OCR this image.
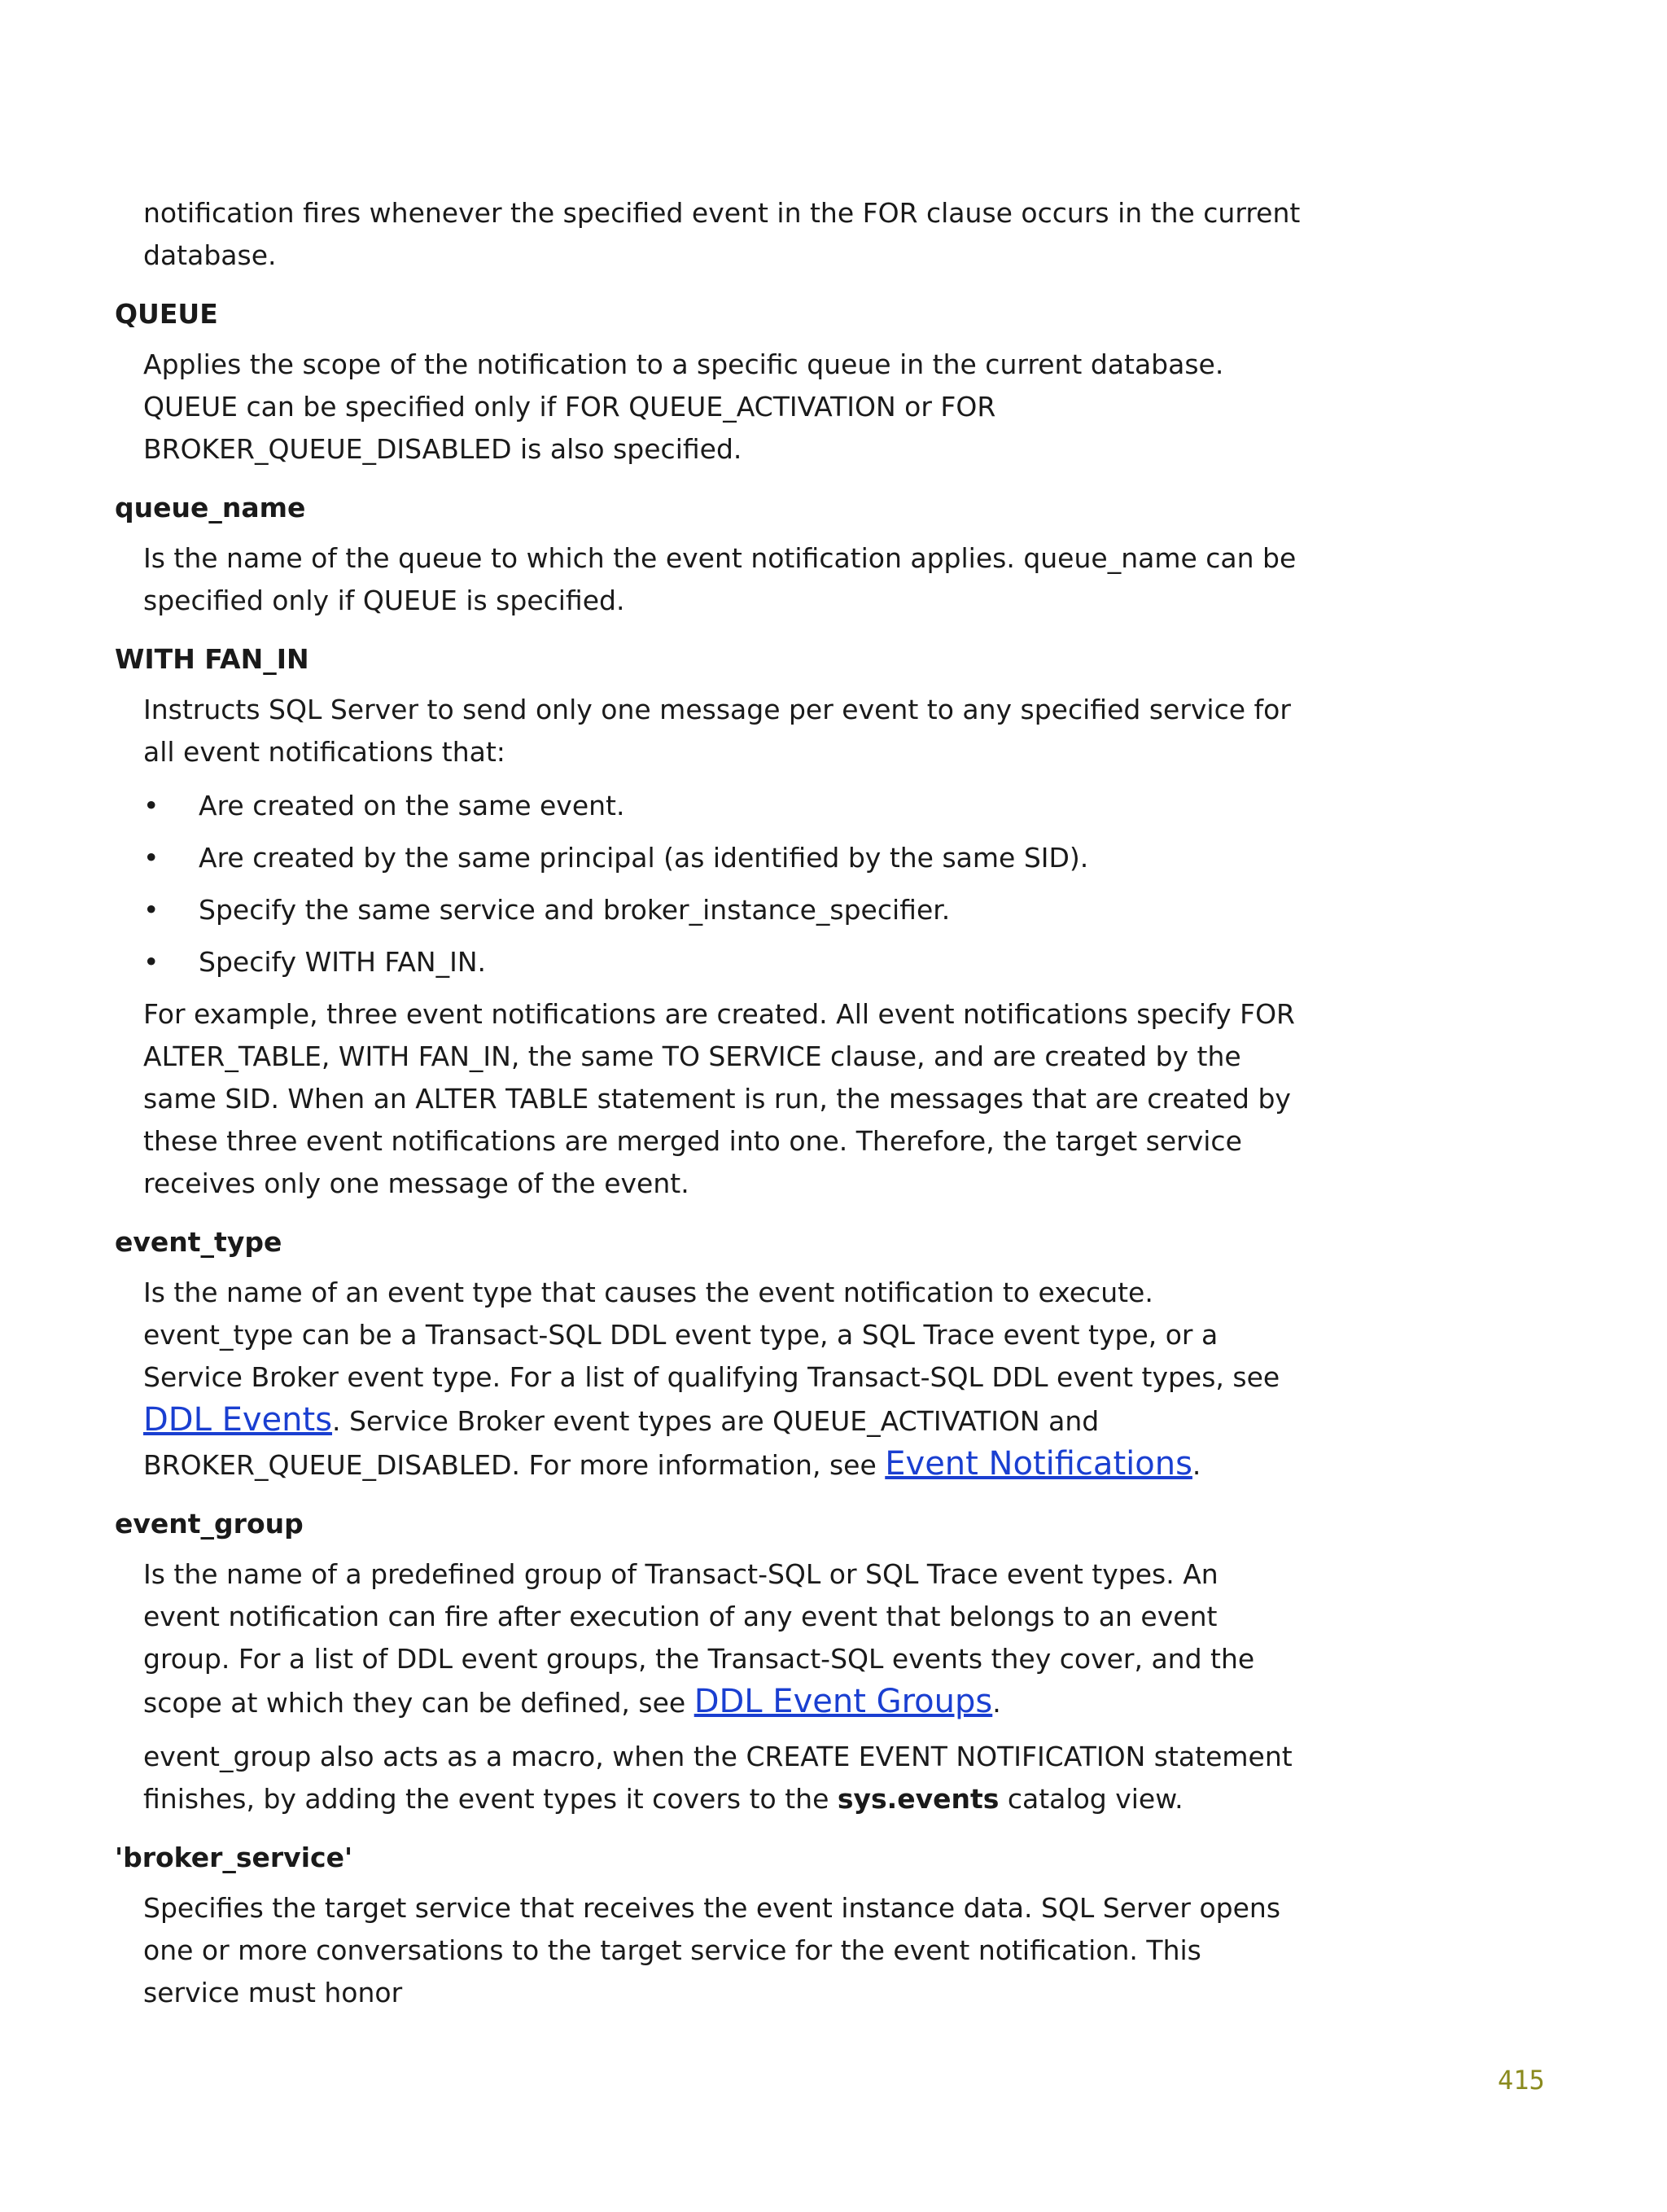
notification fires whenever the specified event in the FOR clause occurs in the current database.

QUEUE

Applies the scope of the notification to a specific queue in the current database. QUEUE can be specified only if FOR QUEUE_ACTIVATION or FOR BROKER_QUEUE_DISABLED is also specified.

queue_name

Is the name of the queue to which the event notification applies. queue_name can be specified only if QUEUE is specified.

WITH FAN_IN

Instructs SQL Server to send only one message per event to any specified service for all event notifications that:

• Are created on the same event.
• Are created by the same principal (as identified by the same SID).
• Specify the same service and broker_instance_specifier.
• Specify WITH FAN_IN.

For example, three event notifications are created. All event notifications specify FOR ALTER_TABLE, WITH FAN_IN, the same TO SERVICE clause, and are created by the same SID. When an ALTER TABLE statement is run, the messages that are created by these three event notifications are merged into one. Therefore, the target service receives only one message of the event.

event_type

Is the name of an event type that causes the event notification to execute. event_type can be a Transact-SQL DDL event type, a SQL Trace event type, or a Service Broker event type. For a list of qualifying Transact-SQL DDL event types, see DDL Events. Service Broker event types are QUEUE_ACTIVATION and BROKER_QUEUE_DISABLED. For more information, see Event Notifications.

event_group

Is the name of a predefined group of Transact-SQL or SQL Trace event types. An event notification can fire after execution of any event that belongs to an event group. For a list of DDL event groups, the Transact-SQL events they cover, and the scope at which they can be defined, see DDL Event Groups.

event_group also acts as a macro, when the CREATE EVENT NOTIFICATION statement finishes, by adding the event types it covers to the sys.events catalog view.

'broker_service'

Specifies the target service that receives the event instance data. SQL Server opens one or more conversations to the target service for the event notification. This service must honor

415
